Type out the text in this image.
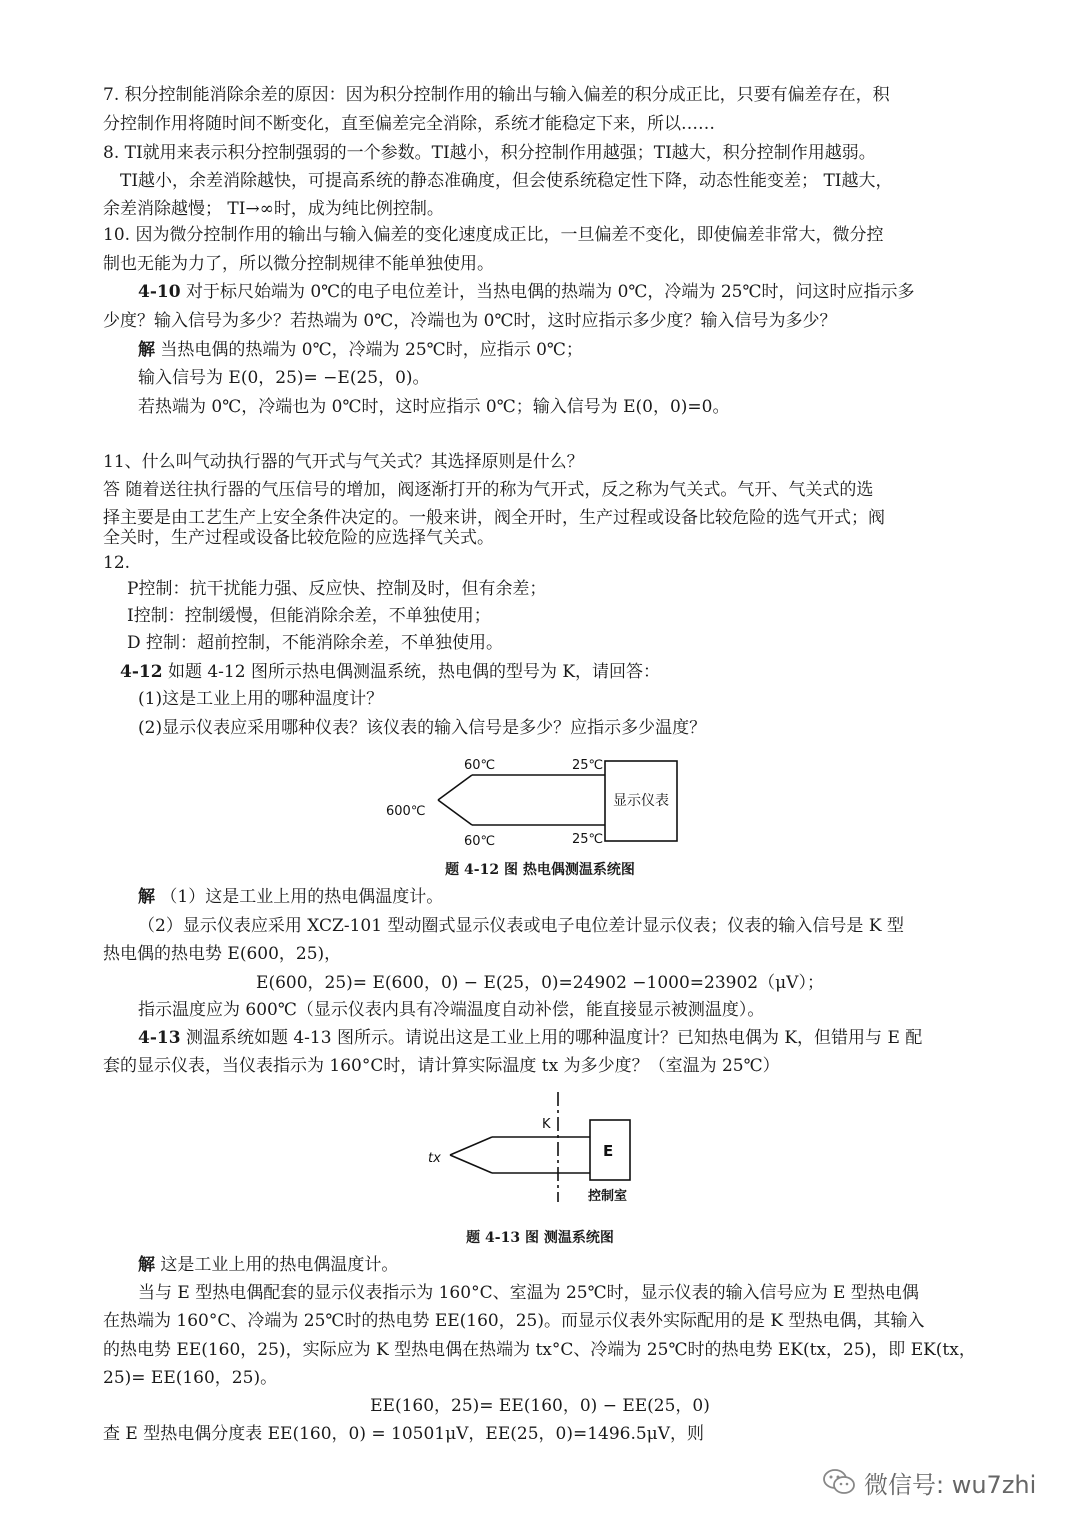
7. 积分控制能消除余差的原因：因为积分控制作用的输出与输入偏差的积分成正比，只要有偏差存在，积
分控制作用将随时间不断变化，直至偏差完全消除，系统才能稳定下来，所以……
8. TI就用来表示积分控制强弱的一个参数。TI越小，积分控制作用越强；TI越大，积分控制作用越弱。
TI越小，余差消除越快，可提高系统的静态准确度，但会使系统稳定性下降，动态性能变差； TI越大，
余差消除越慢； TI→∞时，成为纯比例控制。
10. 因为微分控制作用的输出与输入偏差的变化速度成正比，一旦偏差不变化，即使偏差非常大，微分控
制也无能为力了，所以微分控制规律不能单独使用。
4-10 对于标尺始端为 0℃的电子电位差计，当热电偶的热端为 0℃，冷端为 25℃时，问这时应指示多
少度？输入信号为多少？若热端为 0℃，冷端也为 0℃时，这时应指示多少度？输入信号为多少？
解 当热电偶的热端为 0℃，冷端为 25℃时，应指示 0℃；
输入信号为 E(0，25)= −E(25，0)。
若热端为 0℃，冷端也为 0℃时，这时应指示 0℃；输入信号为 E(0，0)=0。
11、什么叫气动执行器的气开式与气关式？其选择原则是什么？
答 随着送往执行器的气压信号的增加，阀逐渐打开的称为气开式，反之称为气关式。气开、气关式的选
择主要是由工艺生产上安全条件决定的。一般来讲，阀全开时，生产过程或设备比较危险的选气开式；阀
全关时，生产过程或设备比较危险的应选择气关式。
12.
P控制：抗干扰能力强、反应快、控制及时，但有余差；
I控制：控制缓慢，但能消除余差，不单独使用；
D 控制：超前控制，不能消除余差，不单独使用。
4-12 如题 4-12 图所示热电偶测温系统，热电偶的型号为 K，请回答：
(1)这是工业上用的哪种温度计？
(2)显示仪表应采用哪种仪表？该仪表的输入信号是多少？应指示多少温度？
600℃
60℃
60℃
25℃
25℃
显示仪表
题 4-12 图 热电偶测温系统图
解 （1）这是工业上用的热电偶温度计。
（2）显示仪表应采用 XCZ-101 型动圈式显示仪表或电子电位差计显示仪表；仪表的输入信号是 K 型
热电偶的热电势 E(600，25)，
E(600，25)= E(600，0) − E(25，0)=24902 −1000=23902（μV）；
指示温度应为 600℃（显示仪表内具有冷端温度自动补偿，能直接显示被测温度）。
4-13 测温系统如题 4-13 图所示。请说出这是工业上用的哪种温度计？已知热电偶为 K，但错用与 E 配
套的显示仪表，当仪表指示为 160°C时，请计算实际温度 tx 为多少度？（室温为 25℃）
tx
K
E
控制室
题 4-13 图 测温系统图
解 这是工业上用的热电偶温度计。
当与 E 型热电偶配套的显示仪表指示为 160°C、室温为 25℃时，显示仪表的输入信号应为 E 型热电偶
在热端为 160°C、冷端为 25℃时的热电势 EE(160，25)。而显示仪表外实际配用的是 K 型热电偶，其输入
的热电势 EE(160，25)，实际应为 K 型热电偶在热端为 tx°C、冷端为 25℃时的热电势 EK(tx，25)，即 EK(tx，
25)= EE(160，25)。
EE(160，25)= EE(160，0) − EE(25，0)
查 E 型热电偶分度表 EE(160，0) = 10501μV，EE(25，0)=1496.5μV，则
微信号: wu7zhi
